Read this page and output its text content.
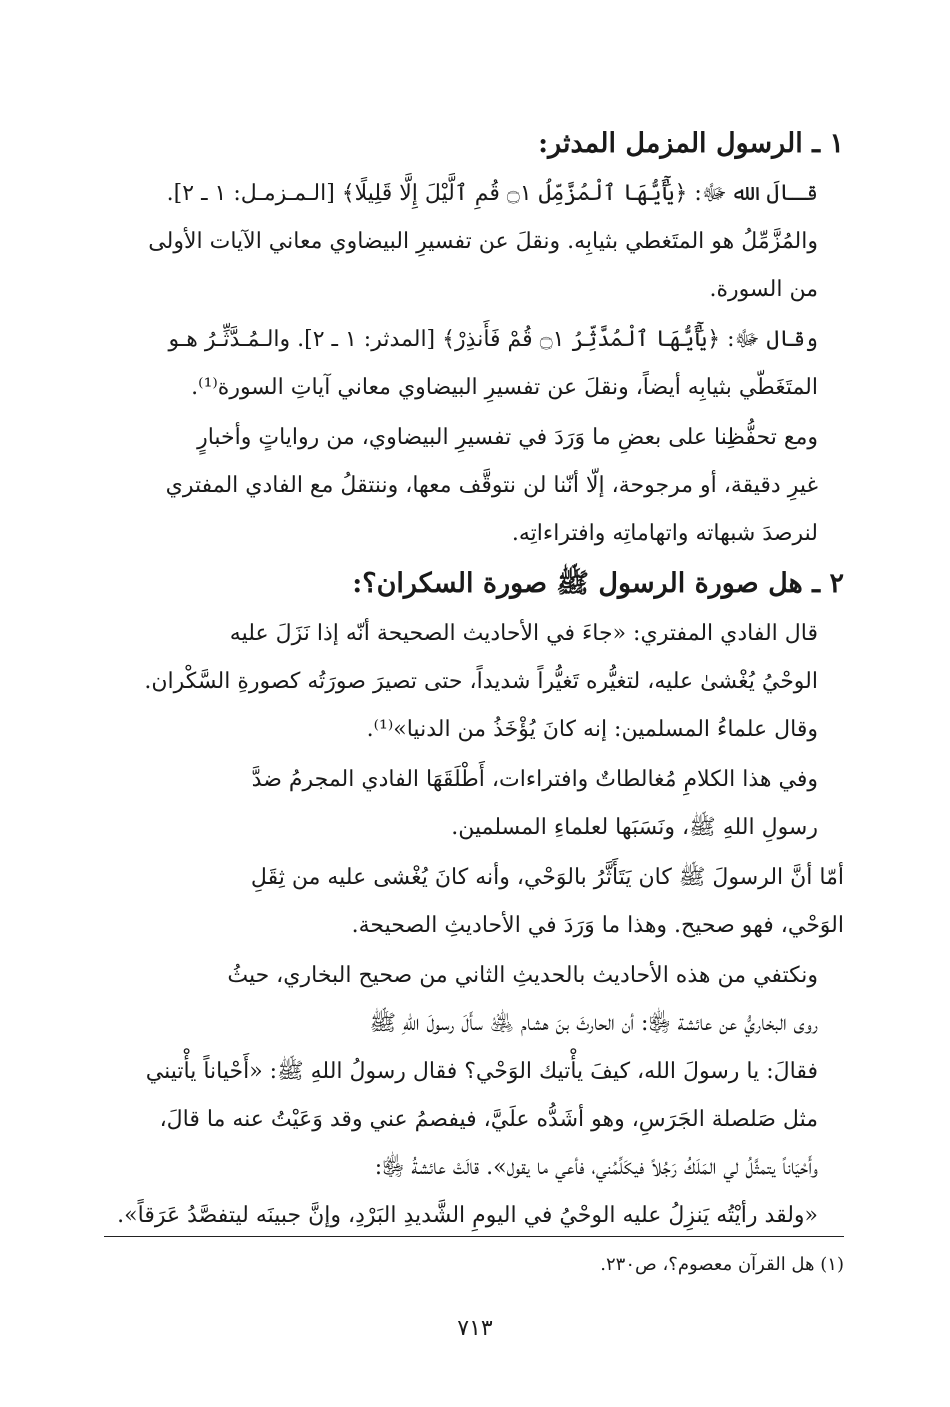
١ ـ الرسول المزمل المدثر:

قـالَ الله ﷻ: ﴿يَٰٓأَيُّهَا ٱلْمُزَّمِّلُ ۝١ قُمِ ٱلَّيْلَ إِلَّا قَلِيلًا﴾ [الـمـزمـل: ١ ـ ٢].
والمُزَّمِّلُ هو المتَغطي بثيابِه. ونقلَ عن تفسيرِ البيضاوي معاني الآيات الأولى
من السورة.

وقال ﷻ: ﴿يَٰٓأَيُّهَا ٱلْمُدَّثِّرُ ۝١ قُمْ فَأَنذِرْ﴾ [المدثر: ١ ـ ٢]. والـمُـدَّثِّـرُ هـو
المتَغَطّي بثيابِه أيضاً، ونقلَ عن تفسيرِ البيضاوي معاني آياتِ السورة⁽¹⁾.

ومع تحفُّظِنا على بعضِ ما وَرَدَ في تفسيرِ البيضاوي، من رواياتٍ وأخبارٍ
غيرِ دقيقة، أو مرجوحة، إلّا أنّنا لن نتوقَّف معها، وننتقلُ مع الفادي المفتري
لنرصدَ شبهاته واتهاماتِه وافتراءاتِه.

٢ ـ هل صورة الرسول ﷺ صورة السكران؟:

قال الفادي المفتري: «جاءَ في الأحاديث الصحيحة أنّه إذا نَزَلَ عليه
الوحْيُ يُغْشىٰ عليه، لتغيُّره تَغيُّراً شديداً، حتى تصيرَ صورَتُه كصورةِ السَّكْران.
وقال علماءُ المسلمين: إنه كانَ يُؤْخَذُ من الدنيا»⁽¹⁾.

وفي هذا الكلامِ مُغالطاتٌ وافتراءات، أَطْلَقَهَا الفادي المجرمُ ضدَّ
رسولِ اللهِ ﷺ، ونَسَبَها لعلماءِ المسلمين.

أمّا أنَّ الرسولَ ﷺ كان يَتَأَثَّرُ بالوَحْي، وأنه كانَ يُغْشى عليه من ثِقَلِ
الوَحْي، فهو صحيح. وهذا ما وَرَدَ في الأحاديثِ الصحيحة.

ونكتفي من هذه الأحاديث بالحديثِ الثاني من صحيح البخاري، حيثُ
روى البخاريُّ عن عائشة ﵂: أن الحارثَ بنَ هشام ﵁ سأَلَ رسولَ اللهِ ﷺ
فقالَ: يا رسولَ الله، كيفَ يأْتيك الوَحْي؟ فقال رسولُ اللهِ ﷺ: «أَحْياناً يأْتيني
مثل صَلصلة الجَرَسِ، وهو أشَدُّه علَيَّ، فيفصمُ عني وقد وَعَيْتُ عنه ما قالَ،
وأَحْيَاناً يتمثَّلُ لي المَلَكُ رَجُلاً فيكَلِّمُني، فأعي ما يقول». قالَتْ عائشةُ ﵂:
«ولقد رأيْتُه يَنزِلُ عليه الوحْيُ في اليومِ الشَّديدِ البَرْدِ، وإنَّ جبينَه ليتفصَّدُ عَرَقاً».

(١) هل القرآن معصوم؟، ص٢٣٠.
٧١٣
